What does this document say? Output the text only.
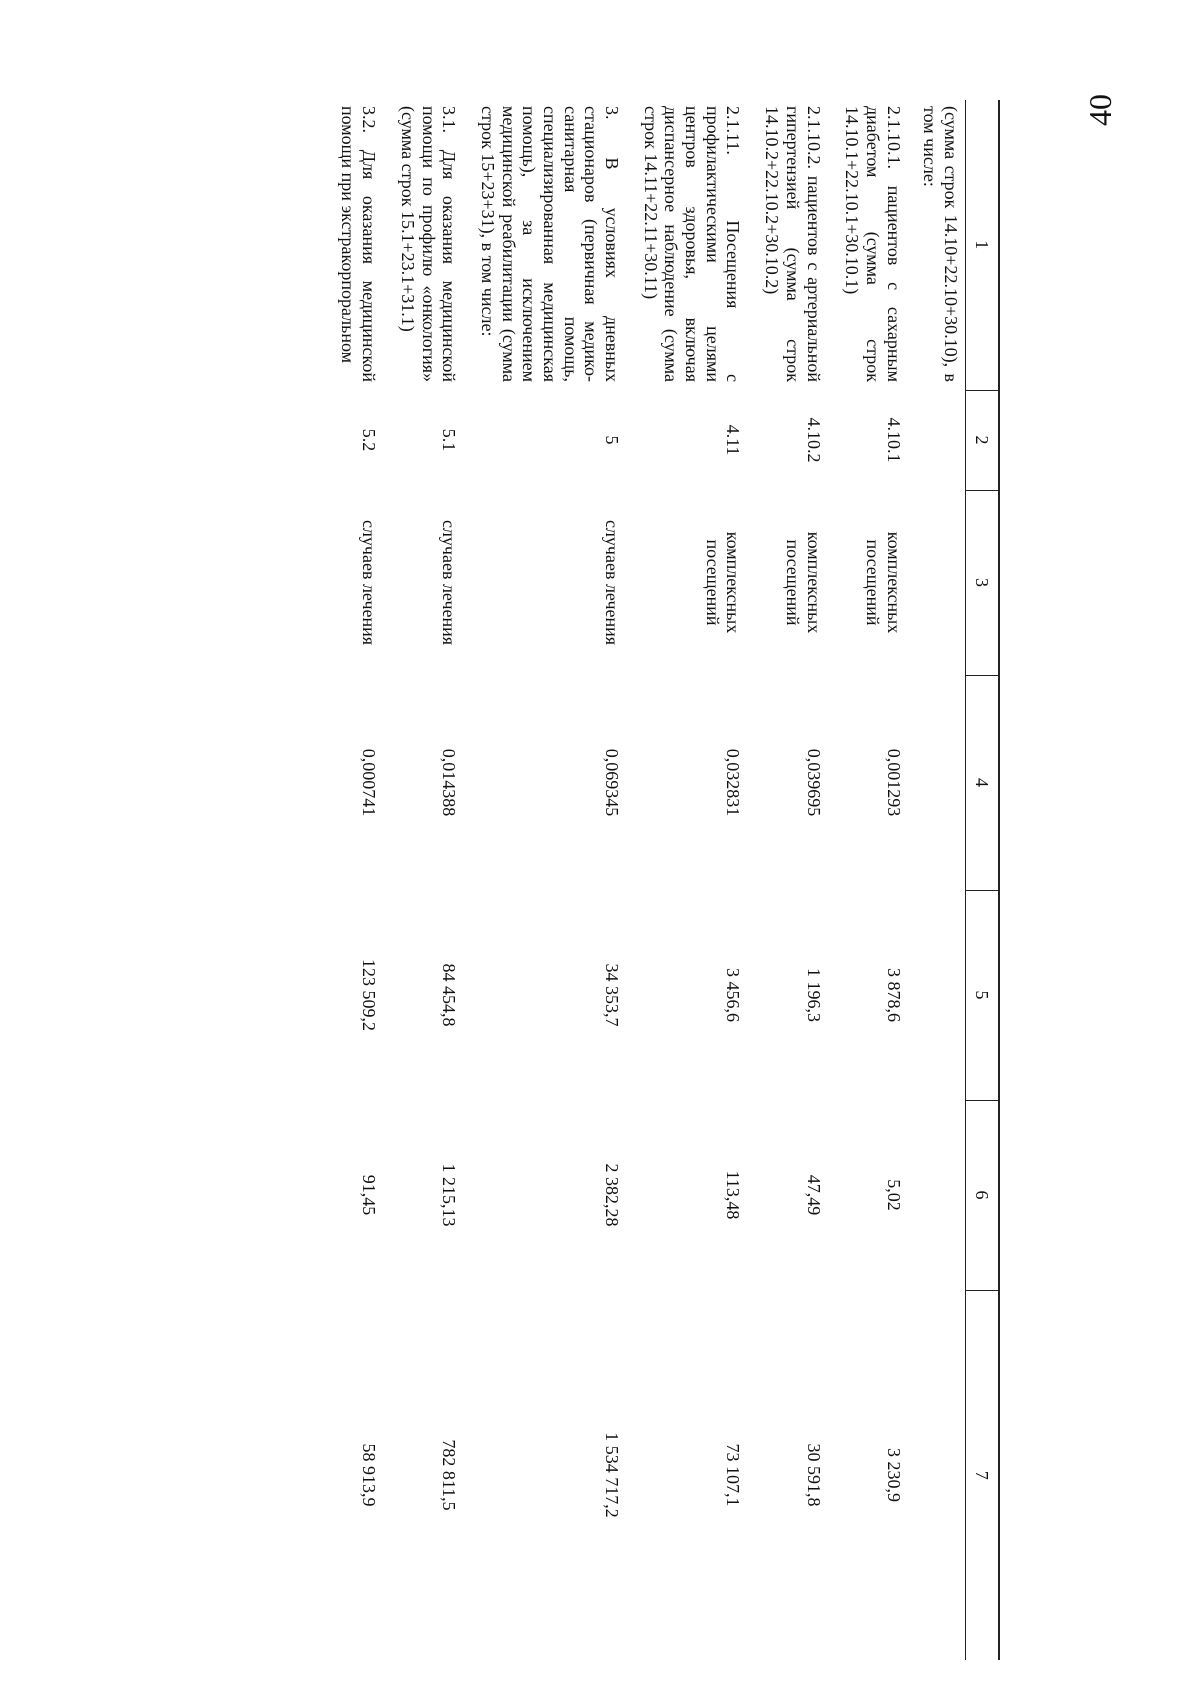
40
1	2	3	4	5	6	7
(сумма строк 14.10+22.10+30.10), в том числе:						
2.1.10.1. пациентов с сахарным диабетом (сумма строк 14.10.1+22.10.1+30.10.1)	4.10.1	комплексных посещений	0,001293	3 878,6	5,02	3 230,9
2.1.10.2. пациентов с артериальной гипертензией (сумма строк 14.10.2+22.10.2+30.10.2)	4.10.2	комплексных посещений	0,039695	1 196,3	47,49	30 591,8
2.1.11. Посещения с профилактическими целями центров здоровья, включая диспансерное наблюдение (сумма строк 14.11+22.11+30.11)	4.11	комплексных посещений	0,032831	3 456,6	113,48	73 107,1
3. В условиях дневных стационаров (первичная медико-санитарная помощь, специализированная медицинская помощь), за исключением медицинской реабилитации (сумма строк 15+23+31), в том числе:	5	случаев лечения	0,069345	34 353,7	2 382,28	1 534 717,2
3.1. Для оказания медицинской помощи по профилю «онкология» (сумма строк 15.1+23.1+31.1)	5.1	случаев лечения	0,014388	84 454,8	1 215,13	782 811,5
3.2. Для оказания медицинской помощи при экстракорпоральном	5.2	случаев лечения	0,000741	123 509,2	91,45	58 913,9
